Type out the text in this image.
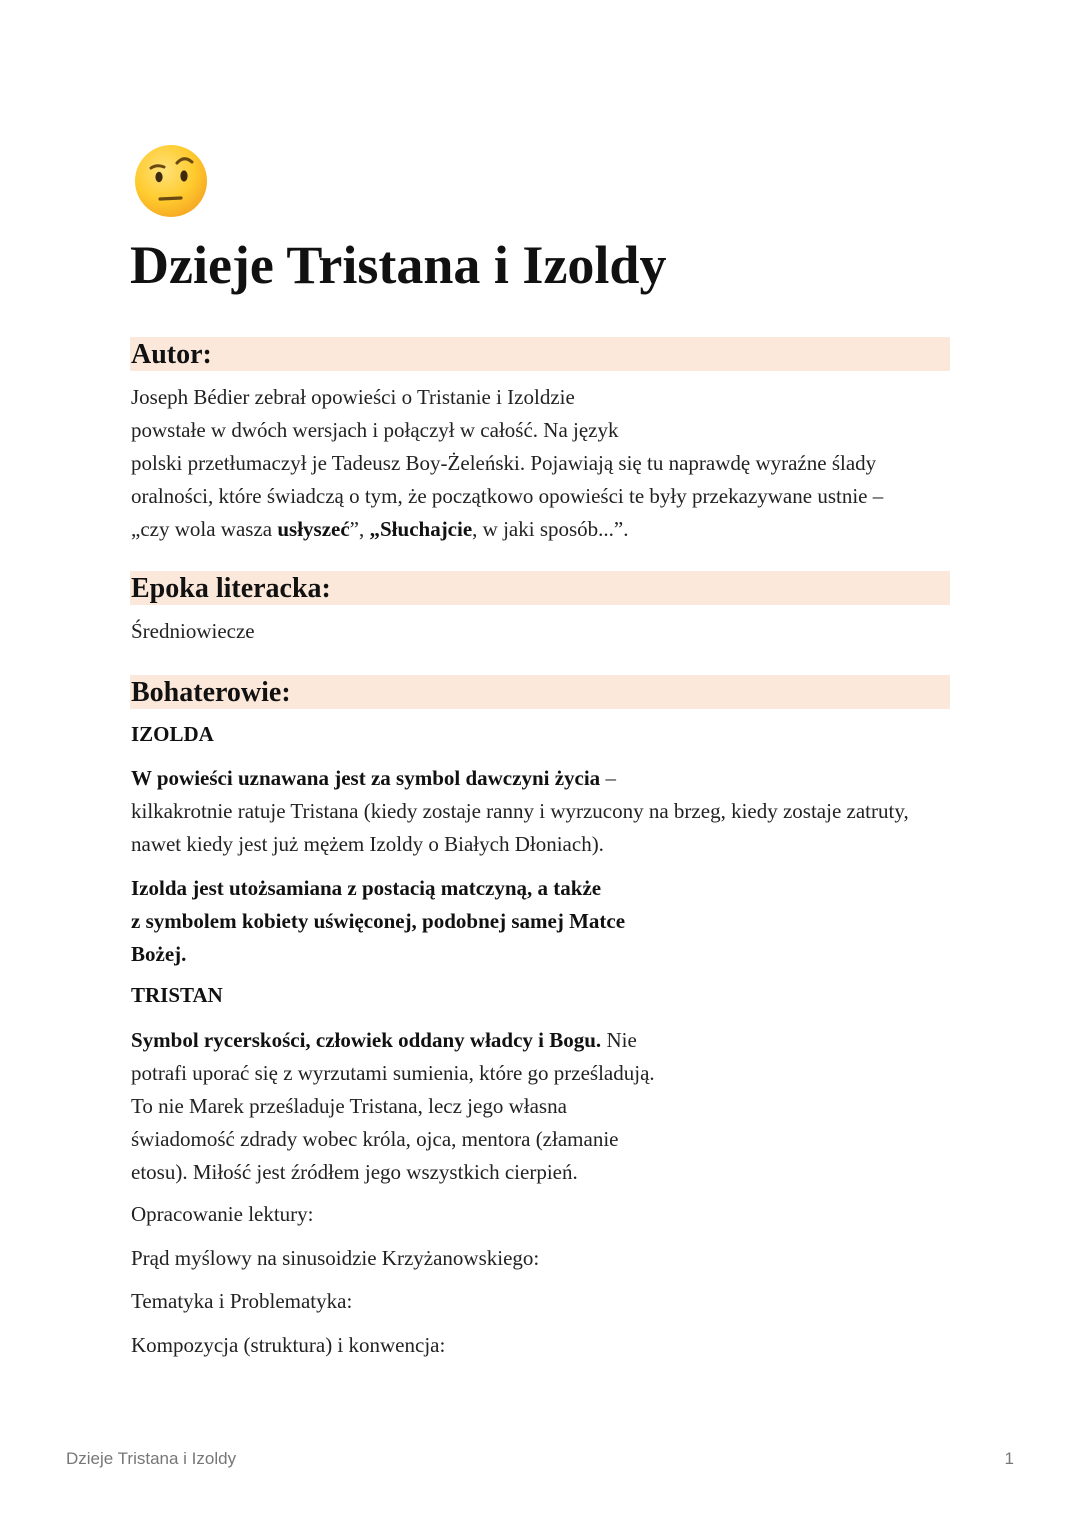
Dzieje Tristana i Izoldy
Autor:
Joseph Bédier zebrał opowieści o Tristanie i Izoldzie
powstałe w dwóch wersjach i połączył w całość. Na język
polski przetłumaczył je Tadeusz Boy-Żeleński. Pojawiają się tu naprawdę wyraźne ślady
oralności, które świadczą o tym, że początkowo opowieści te były przekazywane ustnie –
„czy wola wasza usłyszeć”, „Słuchajcie, w jaki sposób...”.
Epoka literacka:
Średniowiecze
Bohaterowie:
IZOLDA
W powieści uznawana jest za symbol dawczyni życia –
kilkakrotnie ratuje Tristana (kiedy zostaje ranny i wyrzucony na brzeg, kiedy zostaje zatruty,
nawet kiedy jest już mężem Izoldy o Białych Dłoniach).
Izolda jest utożsamiana z postacią matczyną, a także
z symbolem kobiety uświęconej, podobnej samej Matce
Bożej.
TRISTAN
Symbol rycerskości, człowiek oddany władcy i Bogu. Nie
potrafi uporać się z wyrzutami sumienia, które go prześladują.
To nie Marek prześladuje Tristana, lecz jego własna
świadomość zdrady wobec króla, ojca, mentora (złamanie
etosu). Miłość jest źródłem jego wszystkich cierpień.
Opracowanie lektury:
Prąd myślowy na sinusoidzie Krzyżanowskiego:
Tematyka i Problematyka:
Kompozycja (struktura) i konwencja:
Dzieje Tristana i Izoldy	1
